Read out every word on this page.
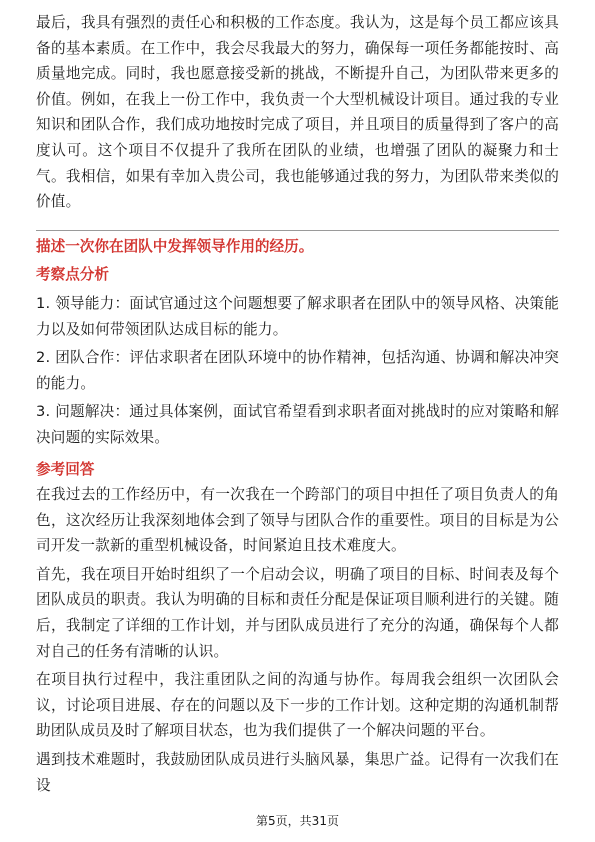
最后，我具有强烈的责任心和积极的工作态度。我认为，这是每个员工都应该具备的基本素质。在工作中，我会尽我最大的努力，确保每一项任务都能按时、高质量地完成。同时，我也愿意接受新的挑战，不断提升自己，为团队带来更多的价值。例如，在我上一份工作中，我负责一个大型机械设计项目。通过我的专业知识和团队合作，我们成功地按时完成了项目，并且项目的质量得到了客户的高度认可。这个项目不仅提升了我所在团队的业绩，也增强了团队的凝聚力和士气。我相信，如果有幸加入贵公司，我也能够通过我的努力，为团队带来类似的价值。

描述一次你在团队中发挥领导作用的经历。

考察点分析

1. 领导能力：面试官通过这个问题想要了解求职者在团队中的领导风格、决策能力以及如何带领团队达成目标的能力。

2. 团队合作：评估求职者在团队环境中的协作精神，包括沟通、协调和解决冲突的能力。

3. 问题解决：通过具体案例，面试官希望看到求职者面对挑战时的应对策略和解决问题的实际效果。

参考回答

在我过去的工作经历中，有一次我在一个跨部门的项目中担任了项目负责人的角色，这次经历让我深刻地体会到了领导与团队合作的重要性。项目的目标是为公司开发一款新的重型机械设备，时间紧迫且技术难度大。

首先，我在项目开始时组织了一个启动会议，明确了项目的目标、时间表及每个团队成员的职责。我认为明确的目标和责任分配是保证项目顺利进行的关键。随后，我制定了详细的工作计划，并与团队成员进行了充分的沟通，确保每个人都对自己的任务有清晰的认识。

在项目执行过程中，我注重团队之间的沟通与协作。每周我会组织一次团队会议，讨论项目进展、存在的问题以及下一步的工作计划。这种定期的沟通机制帮助团队成员及时了解项目状态，也为我们提供了一个解决问题的平台。

遇到技术难题时，我鼓励团队成员进行头脑风暴，集思广益。记得有一次我们在设

第5页，共31页
